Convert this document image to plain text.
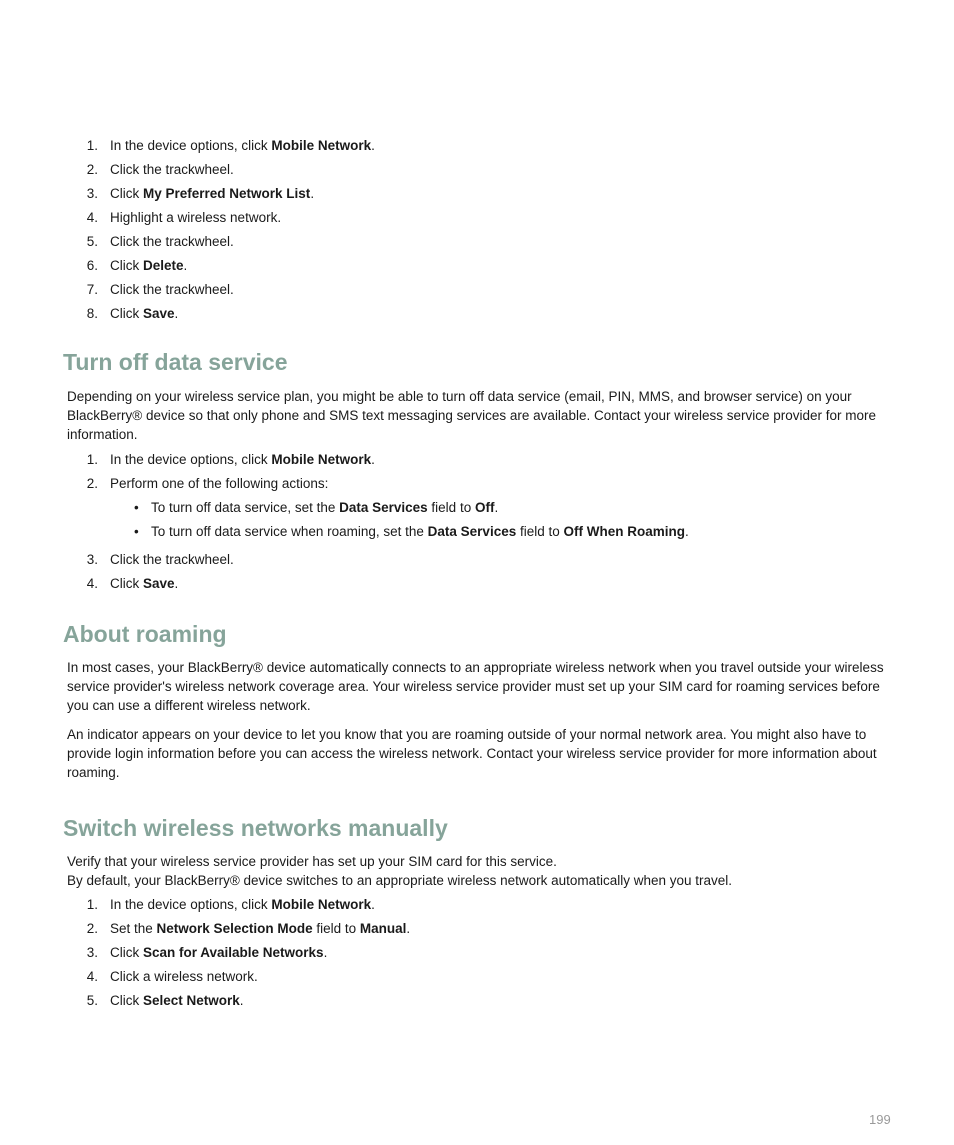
1. In the device options, click Mobile Network.
2. Click the trackwheel.
3. Click My Preferred Network List.
4. Highlight a wireless network.
5. Click the trackwheel.
6. Click Delete.
7. Click the trackwheel.
8. Click Save.
Turn off data service

Depending on your wireless service plan, you might be able to turn off data service (email, PIN, MMS, and browser service) on your BlackBerry® device so that only phone and SMS text messaging services are available. Contact your wireless service provider for more information.

1. In the device options, click Mobile Network.
2. Perform one of the following actions:
• To turn off data service, set the Data Services field to Off.
• To turn off data service when roaming, set the Data Services field to Off When Roaming.
3. Click the trackwheel.
4. Click Save.
About roaming

In most cases, your BlackBerry® device automatically connects to an appropriate wireless network when you travel outside your wireless service provider's wireless network coverage area. Your wireless service provider must set up your SIM card for roaming services before you can use a different wireless network.

An indicator appears on your device to let you know that you are roaming outside of your normal network area. You might also have to provide login information before you can access the wireless network. Contact your wireless service provider for more information about roaming.

Switch wireless networks manually

Verify that your wireless service provider has set up your SIM card for this service.

By default, your BlackBerry® device switches to an appropriate wireless network automatically when you travel.

1. In the device options, click Mobile Network.
2. Set the Network Selection Mode field to Manual.
3. Click Scan for Available Networks.
4. Click a wireless network.
5. Click Select Network.
199
